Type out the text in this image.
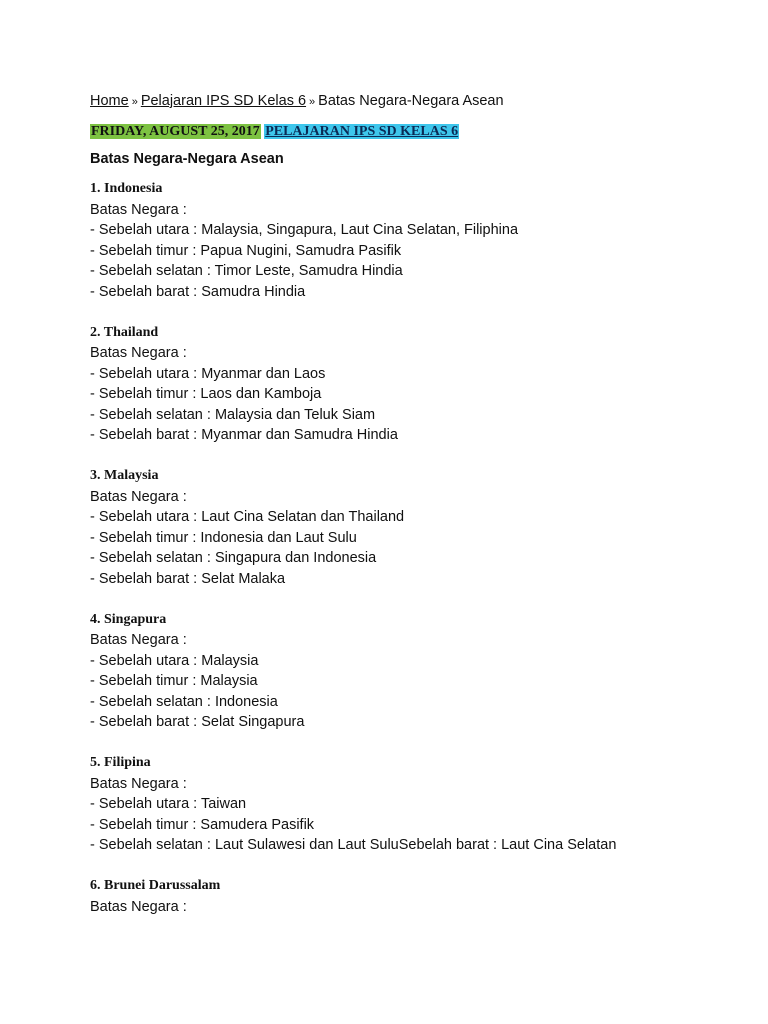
Home » Pelajaran IPS SD Kelas 6 » Batas Negara-Negara Asean
FRIDAY, AUGUST 25, 2017 PELAJARAN IPS SD KELAS 6
Batas Negara-Negara Asean
1. Indonesia
Batas Negara :
- Sebelah utara : Malaysia, Singapura, Laut Cina Selatan, Filiphina
- Sebelah timur : Papua Nugini, Samudra Pasifik
- Sebelah selatan : Timor Leste, Samudra Hindia
- Sebelah barat : Samudra Hindia
2. Thailand
Batas Negara :
- Sebelah utara : Myanmar dan Laos
- Sebelah timur : Laos dan Kamboja
- Sebelah selatan : Malaysia dan Teluk Siam
- Sebelah barat : Myanmar dan Samudra Hindia
3. Malaysia
Batas Negara :
- Sebelah utara : Laut Cina Selatan dan Thailand
- Sebelah timur : Indonesia dan Laut Sulu
- Sebelah selatan : Singapura dan Indonesia
- Sebelah barat : Selat Malaka
4. Singapura
Batas Negara :
- Sebelah utara : Malaysia
- Sebelah timur : Malaysia
- Sebelah selatan : Indonesia
- Sebelah barat : Selat Singapura
5. Filipina
Batas Negara :
- Sebelah utara : Taiwan
- Sebelah timur : Samudera Pasifik
- Sebelah selatan : Laut Sulawesi dan Laut SuluSebelah barat : Laut Cina Selatan
6. Brunei Darussalam
Batas Negara :
